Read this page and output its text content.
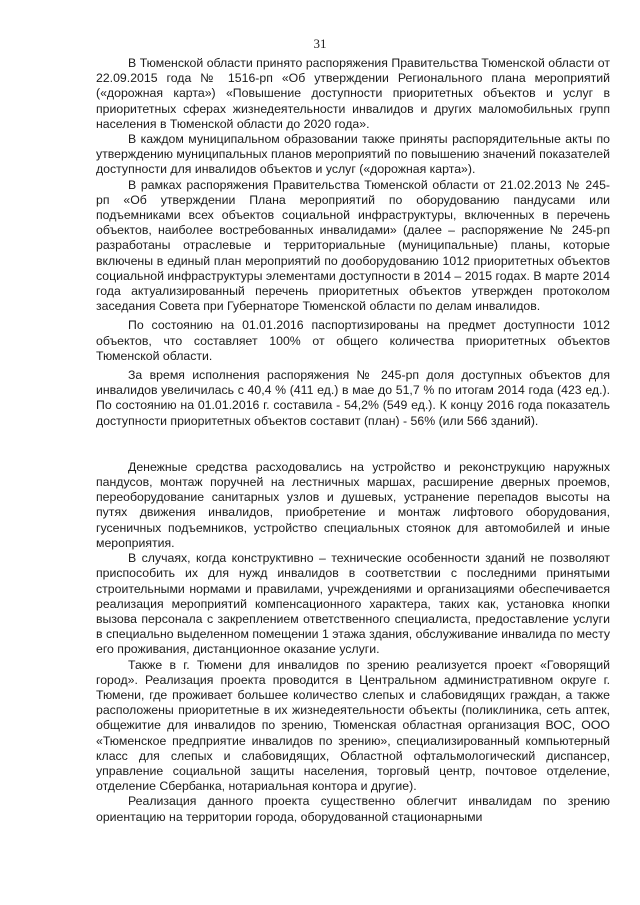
31

В Тюменской области принято распоряжения Правительства Тюменской области от 22.09.2015 года № 1516-рп «Об утверждении Регионального плана мероприятий («дорожная карта») «Повышение доступности приоритетных объектов и услуг в приоритетных сферах жизнедеятельности инвалидов и других маломобильных групп населения в Тюменской области до 2020 года».

В каждом муниципальном образовании также приняты распорядительные акты по утверждению муниципальных планов мероприятий по повышению значений показателей доступности для инвалидов объектов и услуг («дорожная карта»).

В рамках распоряжения Правительства Тюменской области от 21.02.2013 № 245-рп «Об утверждении Плана мероприятий по оборудованию пандусами или подъемниками всех объектов социальной инфраструктуры, включенных в перечень объектов, наиболее востребованных инвалидами» (далее – распоряжение № 245-рп разработаны отраслевые и территориальные (муниципальные) планы, которые включены в единый план мероприятий по дооборудованию 1012 приоритетных объектов социальной инфраструктуры элементами доступности в 2014 – 2015 годах. В марте 2014 года актуализированный перечень приоритетных объектов утвержден протоколом заседания Совета при Губернаторе Тюменской области по делам инвалидов.

По состоянию на 01.01.2016 паспортизированы на предмет доступности 1012 объектов, что составляет 100% от общего количества приоритетных объектов Тюменской области.

За время исполнения распоряжения № 245-рп доля доступных объектов для инвалидов увеличилась с 40,4 % (411 ед.) в мае до 51,7 % по итогам 2014 года (423 ед.). По состоянию на 01.01.2016 г. составила - 54,2% (549 ед.). К концу 2016 года показатель доступности приоритетных объектов составит (план) - 56% (или 566 зданий).

Денежные средства расходовались на устройство и реконструкцию наружных пандусов, монтаж поручней на лестничных маршах, расширение дверных проемов, переоборудование санитарных узлов и душевых, устранение перепадов высоты на путях движения инвалидов, приобретение и монтаж лифтового оборудования, гусеничных подъемников, устройство специальных стоянок для автомобилей и иные мероприятия.

В случаях, когда конструктивно – технические особенности зданий не позволяют приспособить их для нужд инвалидов в соответствии с последними принятыми строительными нормами и правилами, учреждениями и организациями обеспечивается реализация мероприятий компенсационного характера, таких как, установка кнопки вызова персонала с закреплением ответственного специалиста, предоставление услуги в специально выделенном помещении 1 этажа здания, обслуживание инвалида по месту его проживания, дистанционное оказание услуги.

Также в г. Тюмени для инвалидов по зрению реализуется проект «Говорящий город». Реализация проекта проводится в Центральном административном округе г. Тюмени, где проживает большее количество слепых и слабовидящих граждан, а также расположены приоритетные в их жизнедеятельности объекты (поликлиника, сеть аптек, общежитие для инвалидов по зрению, Тюменская областная организация ВОС, ООО «Тюменское предприятие инвалидов по зрению», специализированный компьютерный класс для слепых и слабовидящих, Областной офтальмологический диспансер, управление социальной защиты населения, торговый центр, почтовое отделение, отделение Сбербанка, нотариальная контора и другие).

Реализация данного проекта существенно облегчит инвалидам по зрению ориентацию на территории города, оборудованной стационарными
